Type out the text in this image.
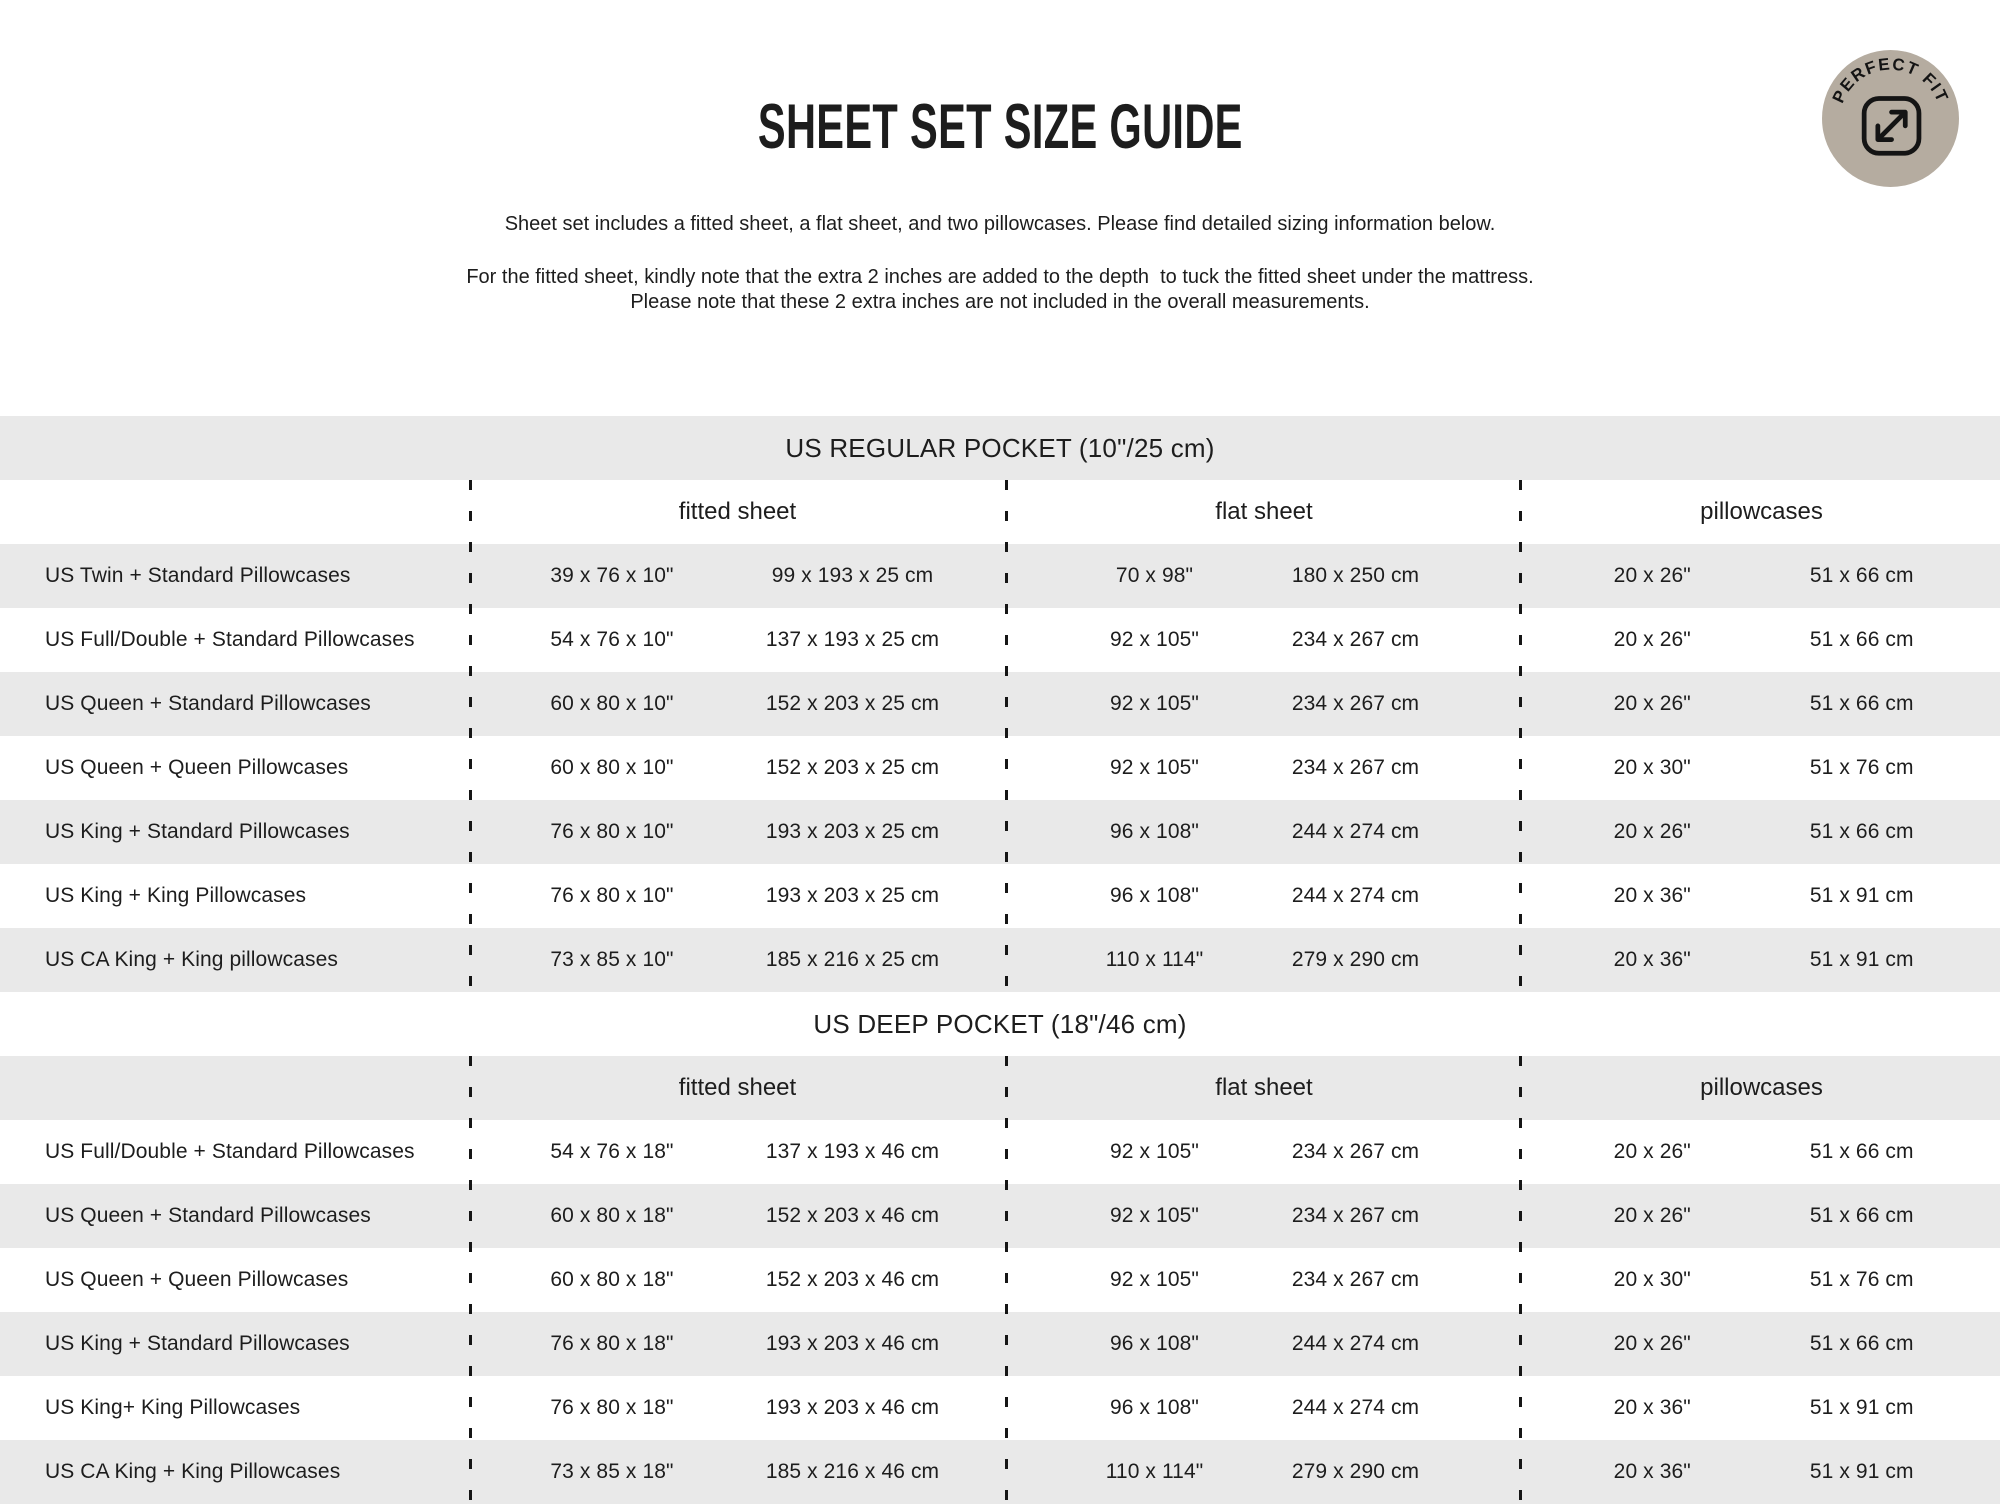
SHEET SET SIZE GUIDE

Sheet set includes a fitted sheet, a flat sheet, and two pillowcases. Please find detailed sizing information below.

For the fitted sheet, kindly note that the extra 2 inches are added to the depth  to tuck the fitted sheet under the mattress.

Please note that these 2 extra inches are not included in the overall measurements.

PERFECT FIT
US REGULAR POCKET (10"/25 cm)
fitted sheet	flat sheet	pillowcases
US Twin + Standard Pillowcases	39 x 76 x 10"	99 x 193 x 25 cm	70 x 98"	180 x 250 cm	20 x 26"	51 x 66 cm
US Full/Double + Standard Pillowcases	54 x 76 x 10"	137 x 193 x 25 cm	92 x 105"	234 x 267 cm	20 x 26"	51 x 66 cm
US Queen + Standard Pillowcases	60 x 80 x 10"	152 x 203 x 25 cm	92 x 105"	234 x 267 cm	20 x 26"	51 x 66 cm
US Queen + Queen Pillowcases	60 x 80 x 10"	152 x 203 x 25 cm	92 x 105"	234 x 267 cm	20 x 30"	51 x 76 cm
US King + Standard Pillowcases	76 x 80 x 10"	193 x 203 x 25 cm	96 x 108"	244 x 274 cm	20 x 26"	51 x 66 cm
US King + King Pillowcases	76 x 80 x 10"	193 x 203 x 25 cm	96 x 108"	244 x 274 cm	20 x 36"	51 x 91 cm
US CA King + King pillowcases	73 x 85 x 10"	185 x 216 x 25 cm	110 x 114"	279 x 290 cm	20 x 36"	51 x 91 cm
US DEEP POCKET (18"/46 cm)
fitted sheet	flat sheet	pillowcases
US Full/Double + Standard Pillowcases	54 x 76 x 18"	137 x 193 x 46 cm	92 x 105"	234 x 267 cm	20 x 26"	51 x 66 cm
US Queen + Standard Pillowcases	60 x 80 x 18"	152 x 203 x 46 cm	92 x 105"	234 x 267 cm	20 x 26"	51 x 66 cm
US Queen + Queen Pillowcases	60 x 80 x 18"	152 x 203 x 46 cm	92 x 105"	234 x 267 cm	20 x 30"	51 x 76 cm
US King + Standard Pillowcases	76 x 80 x 18"	193 x 203 x 46 cm	96 x 108"	244 x 274 cm	20 x 26"	51 x 66 cm
US King+ King Pillowcases	76 x 80 x 18"	193 x 203 x 46 cm	96 x 108"	244 x 274 cm	20 x 36"	51 x 91 cm
US CA King + King Pillowcases	73 x 85 x 18"	185 x 216 x 46 cm	110 x 114"	279 x 290 cm	20 x 36"	51 x 91 cm
